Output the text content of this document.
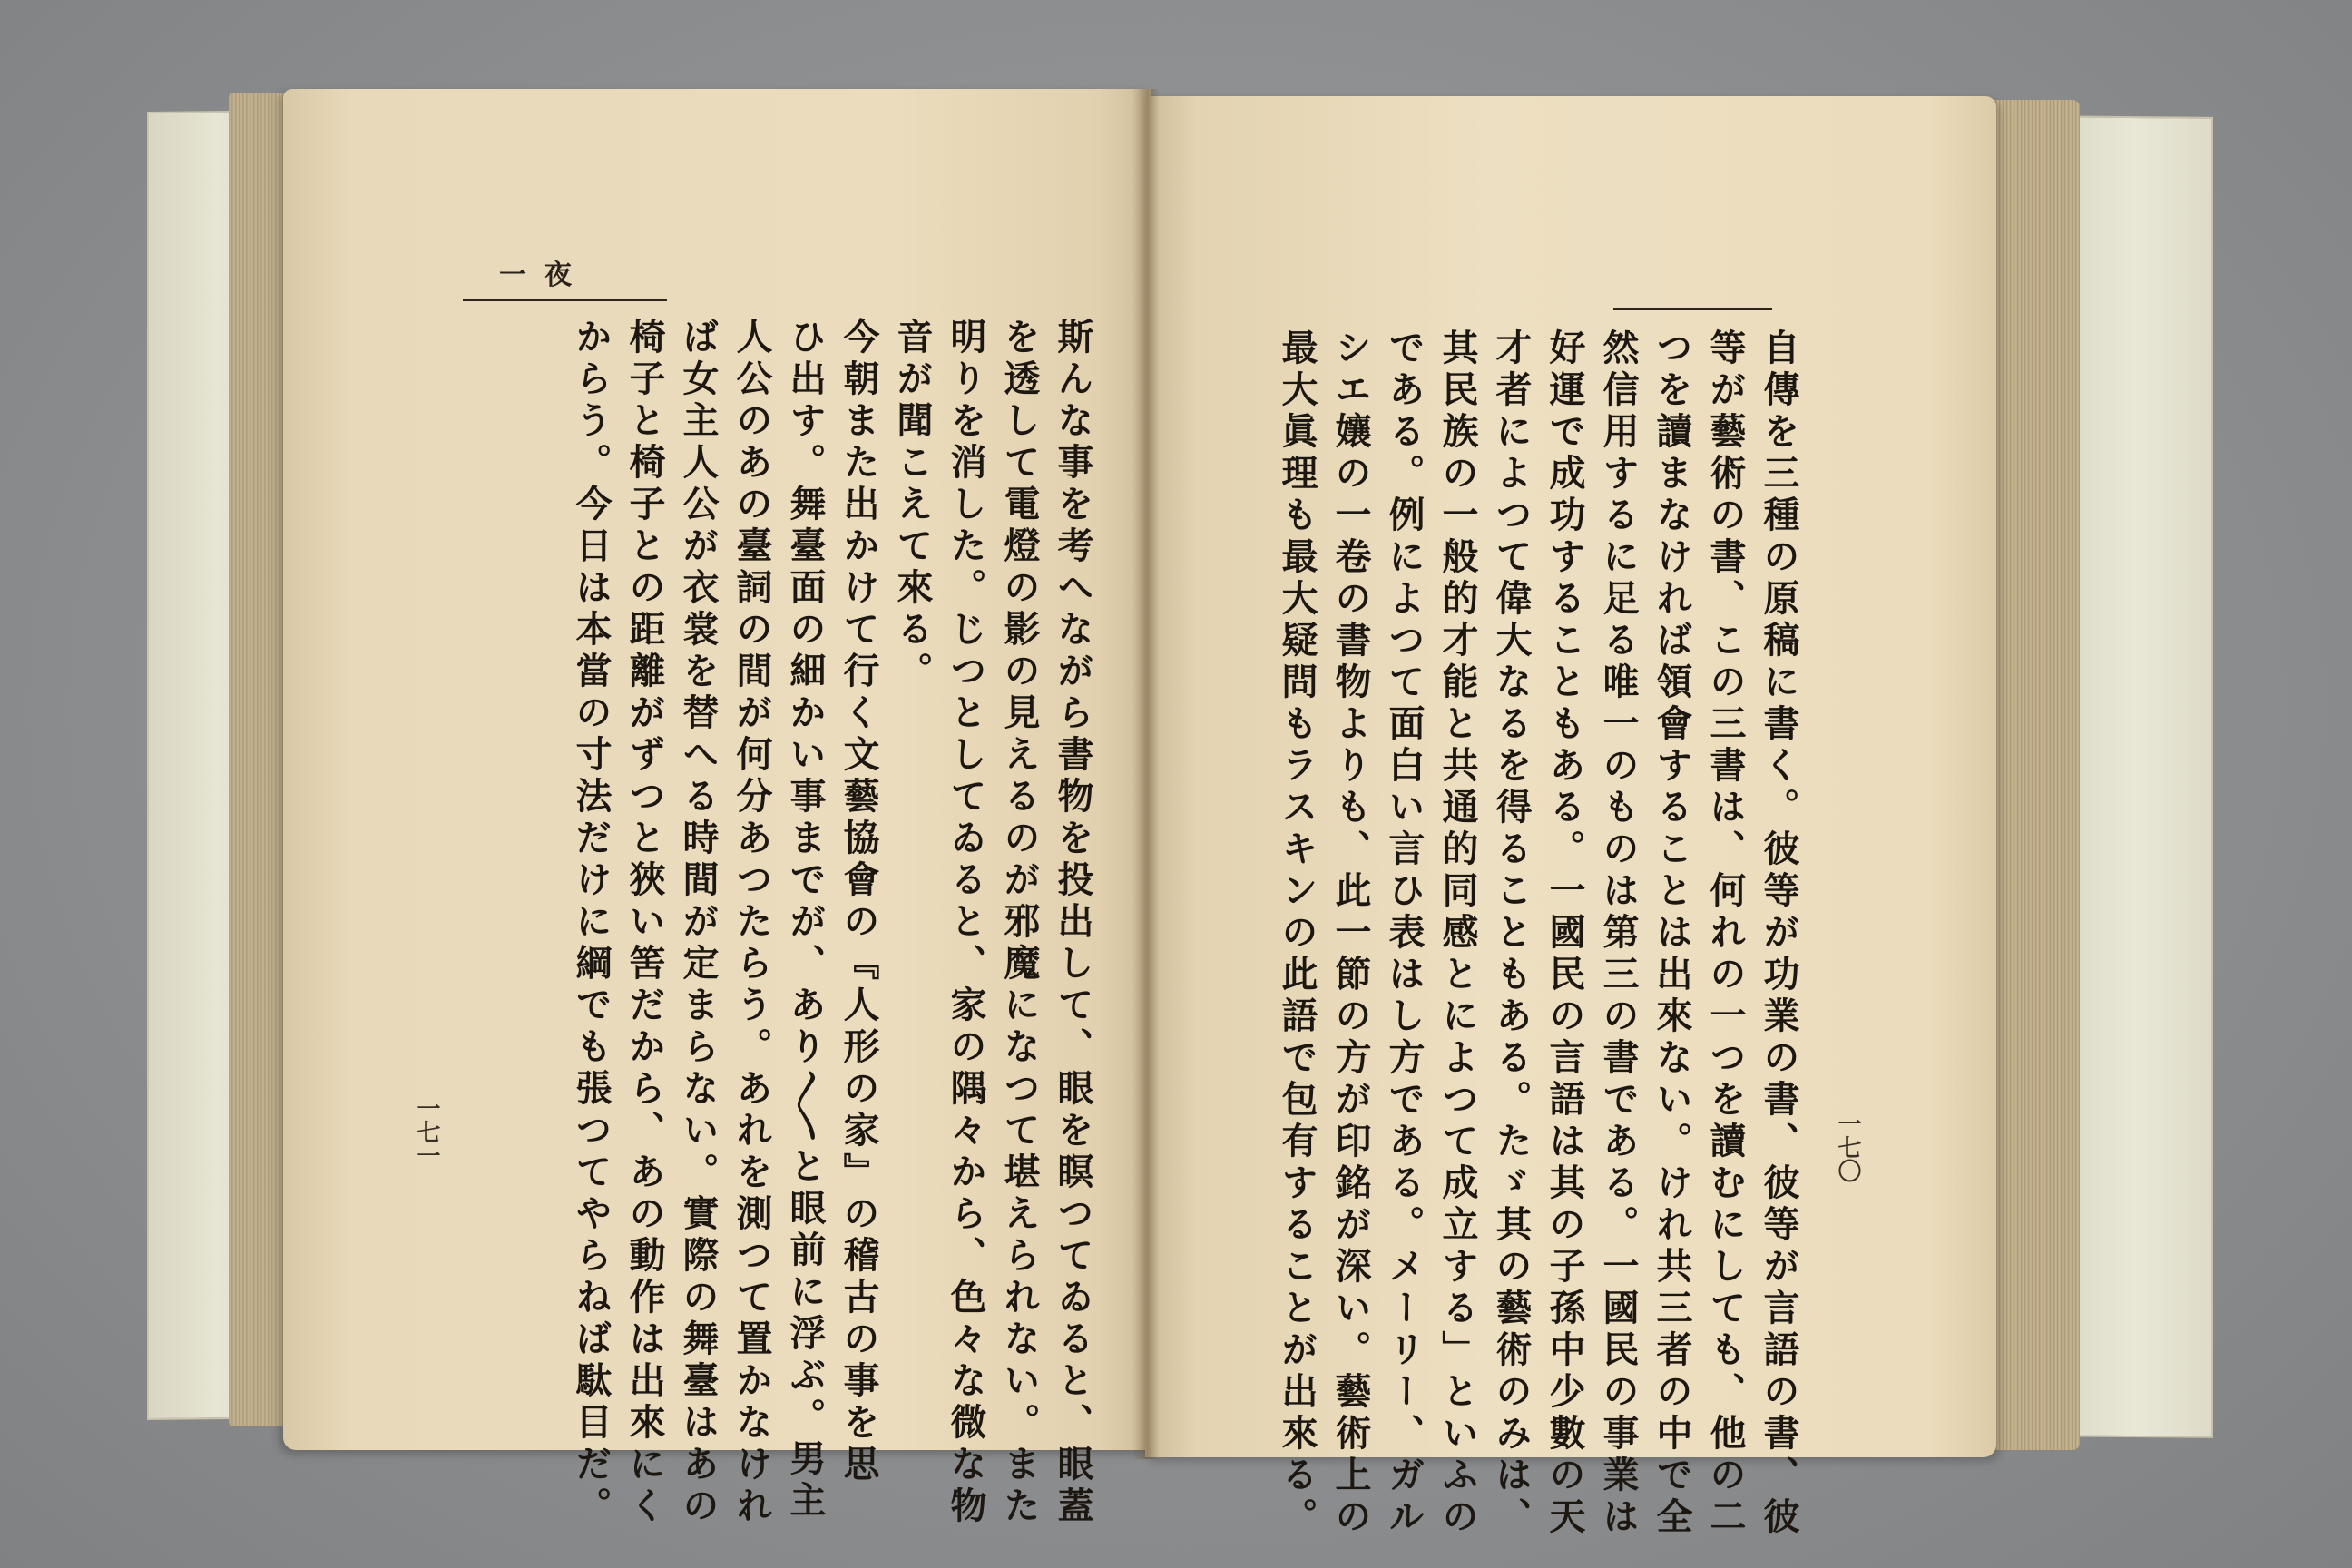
一夜
斯んな事を考へながら書物を投出して、眼を瞑つてゐると、眼蓋
を透して電燈の影の見えるのが邪魔になつて堪えられない。また
明りを消した。じつとしてゐると、家の隅々から、色々な微な物
音が聞こえて來る。
今朝また出かけて行く文藝協會の『人形の家』の稽古の事を思
ひ出す。舞臺面の細かい事までが、あり〳〵と眼前に浮ぶ。男主
人公のあの臺詞の間が何分あつたらう。あれを測つて置かなけれ
ば女主人公が衣裳を替へる時間が定まらない。實際の舞臺はあの
椅子と椅子との距離がずつと狹い筈だから、あの動作は出來にく
からう。今日は本當の寸法だけに綱でも張つてやらねば駄目だ。	自傳を三種の原稿に書く。彼等が功業の書、彼等が言語の書、彼
等が藝術の書、この三書は、何れの一つを讀むにしても、他の二
つを讀まなければ領會することは出來ない。けれ共三者の中で全
然信用するに足る唯一のものは第三の書である。一國民の事業は
好運で成功することもある。一國民の言語は其の子孫中少數の天
才者によつて偉大なるを得ることもある。たゞ其の藝術のみは、
其民族の一般的才能と共通的同感とによつて成立する」といふの
である。例によつて面白い言ひ表はし方である。メーリー、ガル
シエ孃の一卷の書物よりも、此一節の方が印銘が深い。藝術上の
最大眞理も最大疑問もラスキンの此語で包有することが出來る。
一七一	一七〇
